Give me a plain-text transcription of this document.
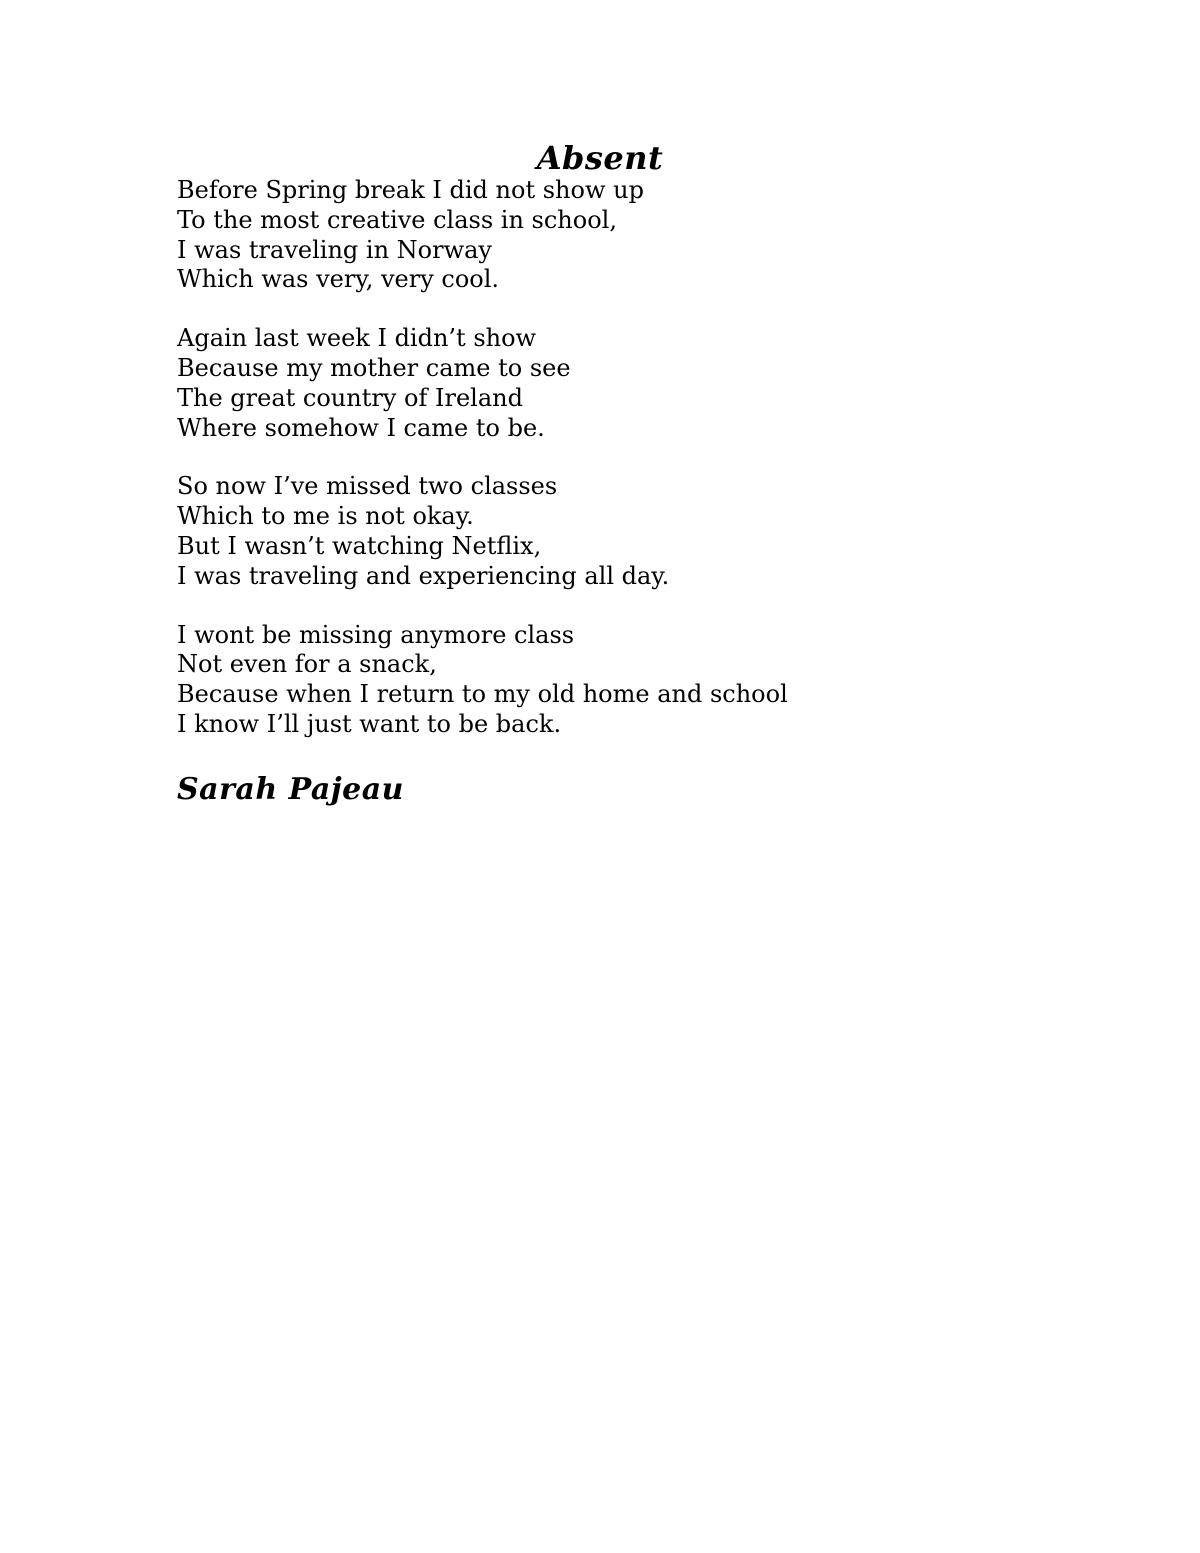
Absent
Before Spring break I did not show up
To the most creative class in school,
I was traveling in Norway
Which was very, very cool.
Again last week I didn’t show
Because my mother came to see
The great country of Ireland
Where somehow I came to be.
So now I’ve missed two classes
Which to me is not okay.
But I wasn’t watching Netflix,
I was traveling and experiencing all day.
I wont be missing anymore class
Not even for a snack,
Because when I return to my old home and school
I know I’ll just want to be back.

Sarah Pajeau
